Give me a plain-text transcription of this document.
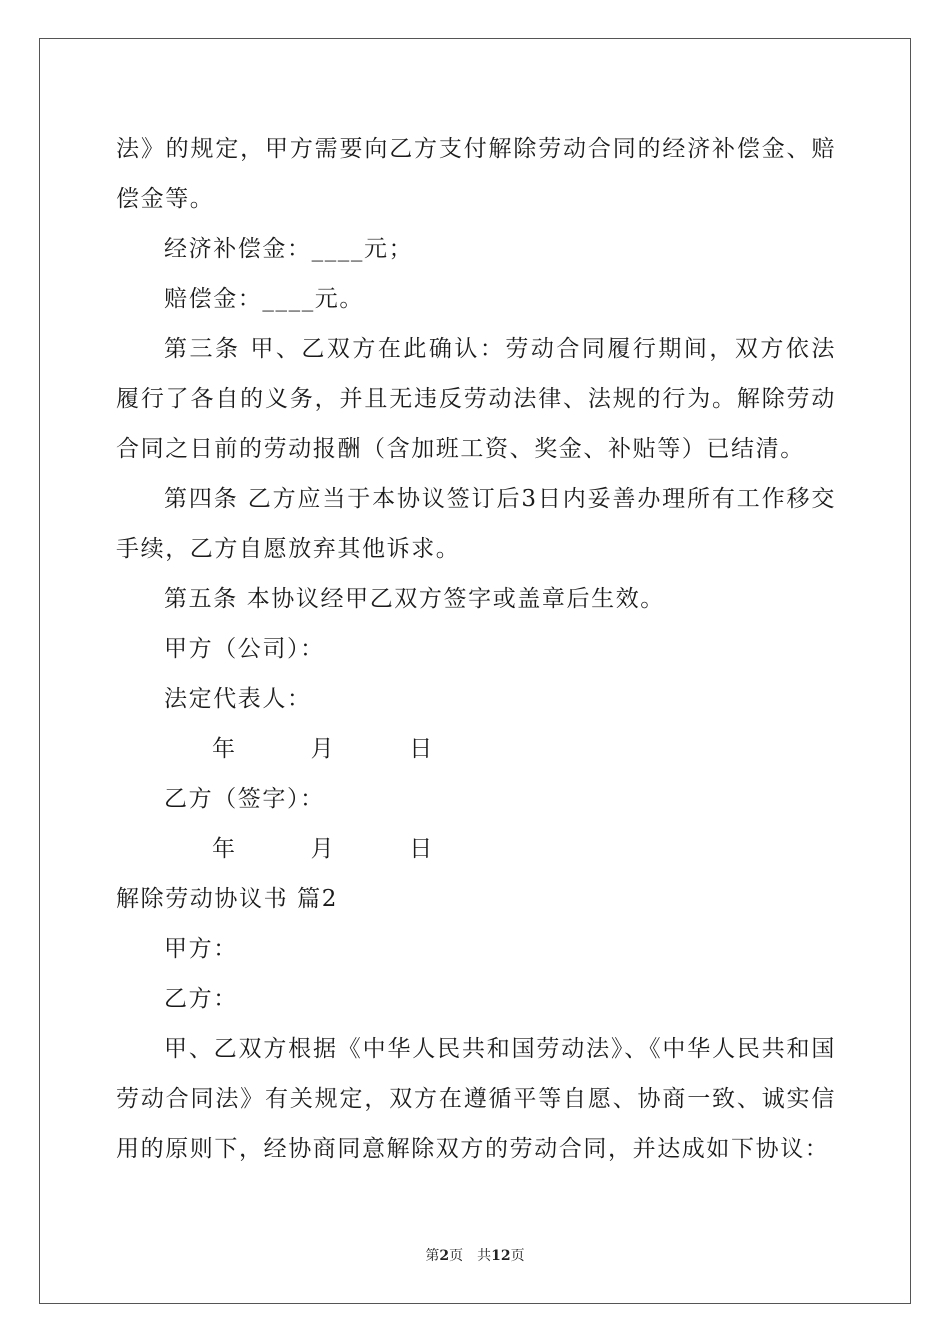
法》的规定，甲方需要向乙方支付解除劳动合同的经济补偿金、赔偿金等。

经济补偿金：____元；

赔偿金：____元。

第三条 甲、乙双方在此确认：劳动合同履行期间，双方依法履行了各自的义务，并且无违反劳动法律、法规的行为。解除劳动合同之日前的劳动报酬（含加班工资、奖金、补贴等）已结清。

第四条 乙方应当于本协议签订后3日内妥善办理所有工作移交手续，乙方自愿放弃其他诉求。

第五条 本协议经甲乙双方签字或盖章后生效。

甲方（公司）：

法定代表人：

年	月	日

乙方（签字）：

年	月	日

解除劳动协议书 篇2

甲方：

乙方：

甲、乙双方根据《中华人民共和国劳动法》、《中华人民共和国劳动合同法》有关规定，双方在遵循平等自愿、协商一致、诚实信用的原则下，经协商同意解除双方的劳动合同，并达成如下协议：

第2页 共12页
